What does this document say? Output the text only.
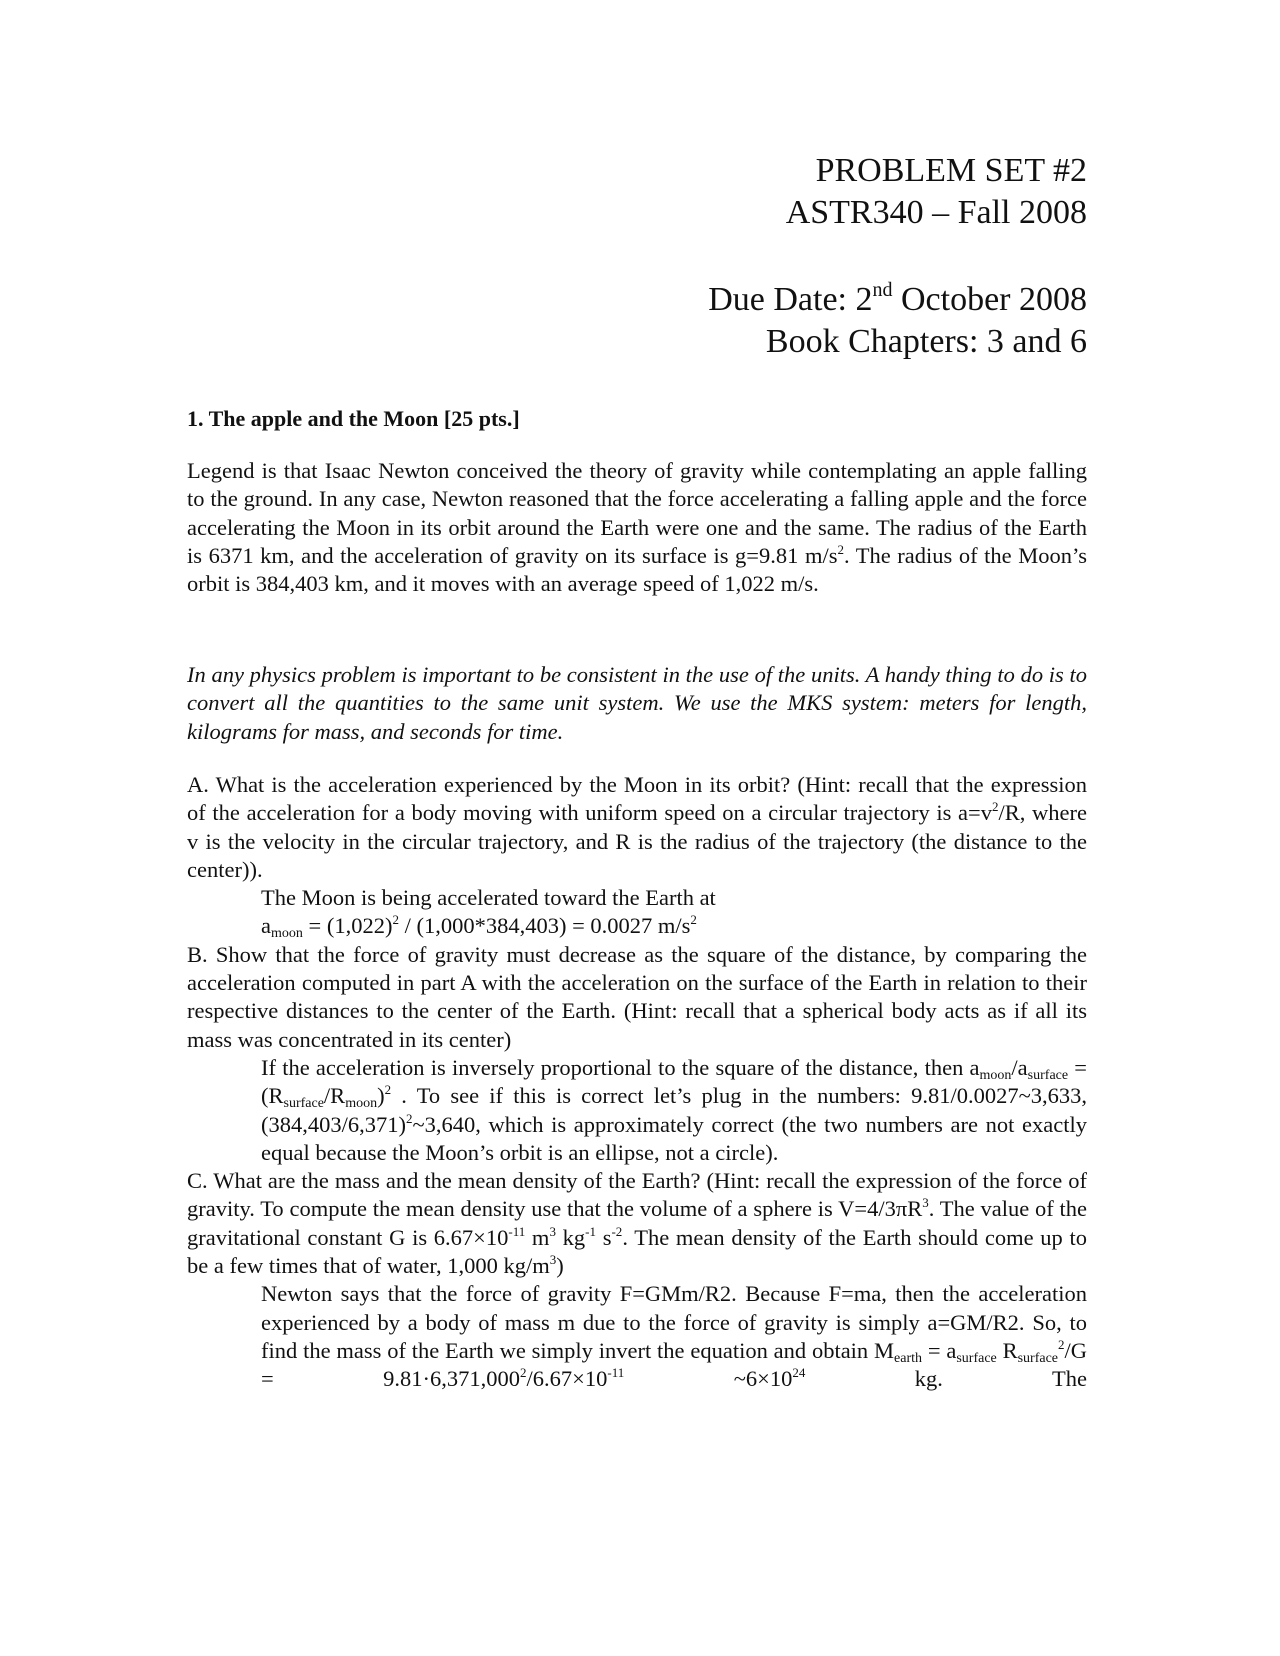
PROBLEM SET #2
ASTR340 – Fall 2008
Due Date: 2nd October 2008
Book Chapters: 3 and 6
1. The apple and the Moon [25 pts.]

Legend is that Isaac Newton conceived the theory of gravity while contemplating an apple falling to the ground. In any case, Newton reasoned that the force accelerating a falling apple and the force accelerating the Moon in its orbit around the Earth were one and the same. The radius of the Earth is 6371 km, and the acceleration of gravity on its surface is g=9.81 $m/s^2$. The radius of the Moon’s orbit is 384,403 km, and it moves with an average speed of 1,022 m/s.

In any physics problem is important to be consistent in the use of the units. A handy thing to do is to convert all the quantities to the same unit system. We use the MKS system: meters for length, kilograms for mass, and seconds for time.

A. What is the acceleration experienced by the Moon in its orbit? (Hint: recall that the expression of the acceleration for a body moving with uniform speed on a circular trajectory is $a=v^2/R$, where v is the velocity in the circular trajectory, and R is the radius of the trajectory (the distance to the center)).

The Moon is being accelerated toward the Earth at
$a_{moon} = (1,022)^2 / (1,000*384,403) = 0.0027$ $m/s^2$

B. Show that the force of gravity must decrease as the square of the distance, by comparing the acceleration computed in part A with the acceleration on the surface of the Earth in relation to their respective distances to the center of the Earth. (Hint: recall that a spherical body acts as if all its mass was concentrated in its center)

If the acceleration is inversely proportional to the square of the distance, then $a_{moon}/a_{surface} = (R_{surface}/R_{moon})^2$ . To see if this is correct let’s plug in the numbers: 9.81/0.0027~3,633, $(384,403/6,371)^2\sim 3,640$, which is approximately correct (the two numbers are not exactly equal because the Moon’s orbit is an ellipse, not a circle).

C. What are the mass and the mean density of the Earth? (Hint: recall the expression of the force of gravity. To compute the mean density use that the volume of a sphere is $V=4/3\pi R^3$. The value of the gravitational constant G is $6.67\times 10^{-11}$ $m^3$ $kg^{-1}$ $s^{-2}$. The mean density of the Earth should come up to be a few times that of water, 1,000 $kg/m^3$)

Newton says that the force of gravity F=GMm/R2. Because F=ma, then the acceleration experienced by a body of mass m due to the force of gravity is simply a=GM/R2. So, to find the mass of the Earth we simply invert the equation and obtain $M_{earth} = a_{surface}$ $R_{surface}^2/G = 9.81\cdot 6,371,000^2/6.67\times 10^{-11}$ $\sim 6\times 10^{24}$ kg. The
